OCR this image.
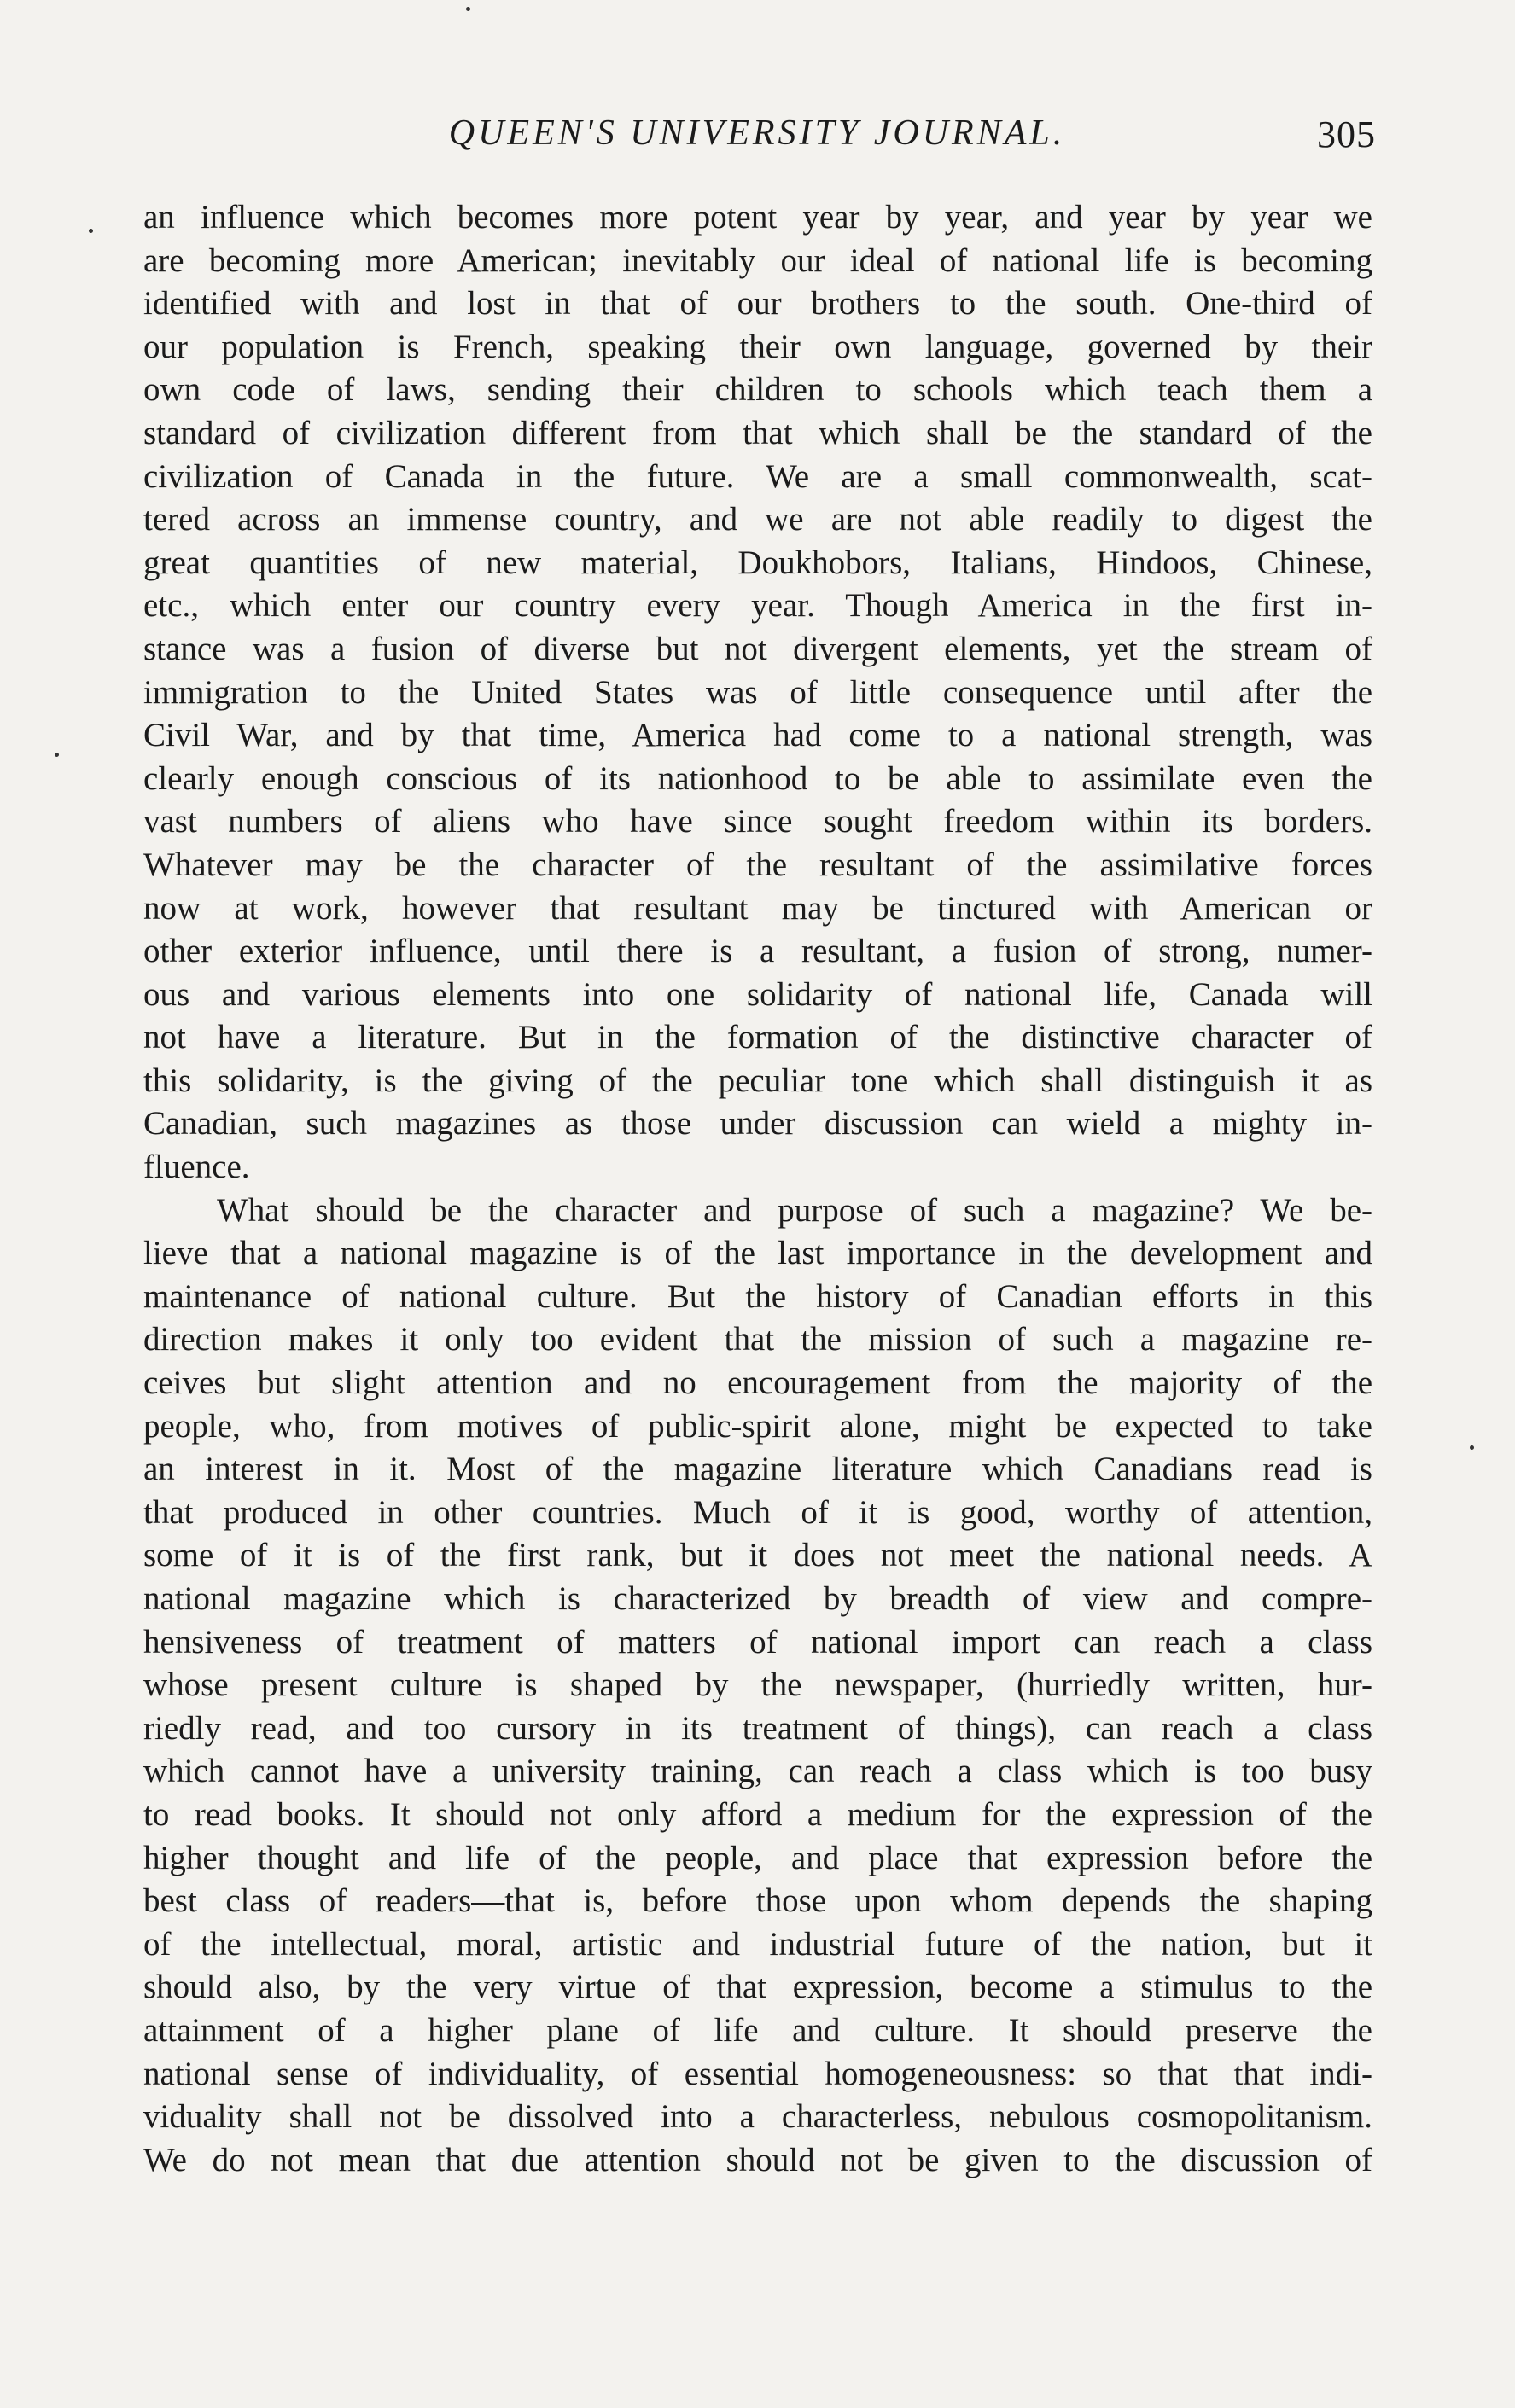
QUEEN'S UNIVERSITY JOURNAL.	305
an influence which becomes more potent year by year, and year by year we
are becoming more American; inevitably our ideal of national life is becoming
identified with and lost in that of our brothers to the south. One-third of
our population is French, speaking their own language, governed by their
own code of laws, sending their children to schools which teach them a
standard of civilization different from that which shall be the standard of the
civilization of Canada in the future. We are a small commonwealth, scat-
tered across an immense country, and we are not able readily to digest the
great quantities of new material, Doukhobors, Italians, Hindoos, Chinese,
etc., which enter our country every year. Though America in the first in-
stance was a fusion of diverse but not divergent elements, yet the stream of
immigration to the United States was of little consequence until after the
Civil War, and by that time, America had come to a national strength, was
clearly enough conscious of its nationhood to be able to assimilate even the
vast numbers of aliens who have since sought freedom within its borders.
Whatever may be the character of the resultant of the assimilative forces
now at work, however that resultant may be tinctured with American or
other exterior influence, until there is a resultant, a fusion of strong, numer-
ous and various elements into one solidarity of national life, Canada will
not have a literature. But in the formation of the distinctive character of
this solidarity, is the giving of the peculiar tone which shall distinguish it as
Canadian, such magazines as those under discussion can wield a mighty in-
fluence.
What should be the character and purpose of such a magazine? We be-
lieve that a national magazine is of the last importance in the development and
maintenance of national culture. But the history of Canadian efforts in this
direction makes it only too evident that the mission of such a magazine re-
ceives but slight attention and no encouragement from the majority of the
people, who, from motives of public-spirit alone, might be expected to take
an interest in it. Most of the magazine literature which Canadians read is
that produced in other countries. Much of it is good, worthy of attention,
some of it is of the first rank, but it does not meet the national needs. A
national magazine which is characterized by breadth of view and compre-
hensiveness of treatment of matters of national import can reach a class
whose present culture is shaped by the newspaper, (hurriedly written, hur-
riedly read, and too cursory in its treatment of things), can reach a class
which cannot have a university training, can reach a class which is too busy
to read books. It should not only afford a medium for the expression of the
higher thought and life of the people, and place that expression before the
best class of readers—that is, before those upon whom depends the shaping
of the intellectual, moral, artistic and industrial future of the nation, but it
should also, by the very virtue of that expression, become a stimulus to the
attainment of a higher plane of life and culture. It should preserve the
national sense of individuality, of essential homogeneousness: so that that indi-
viduality shall not be dissolved into a characterless, nebulous cosmopolitanism.
We do not mean that due attention should not be given to the discussion of
